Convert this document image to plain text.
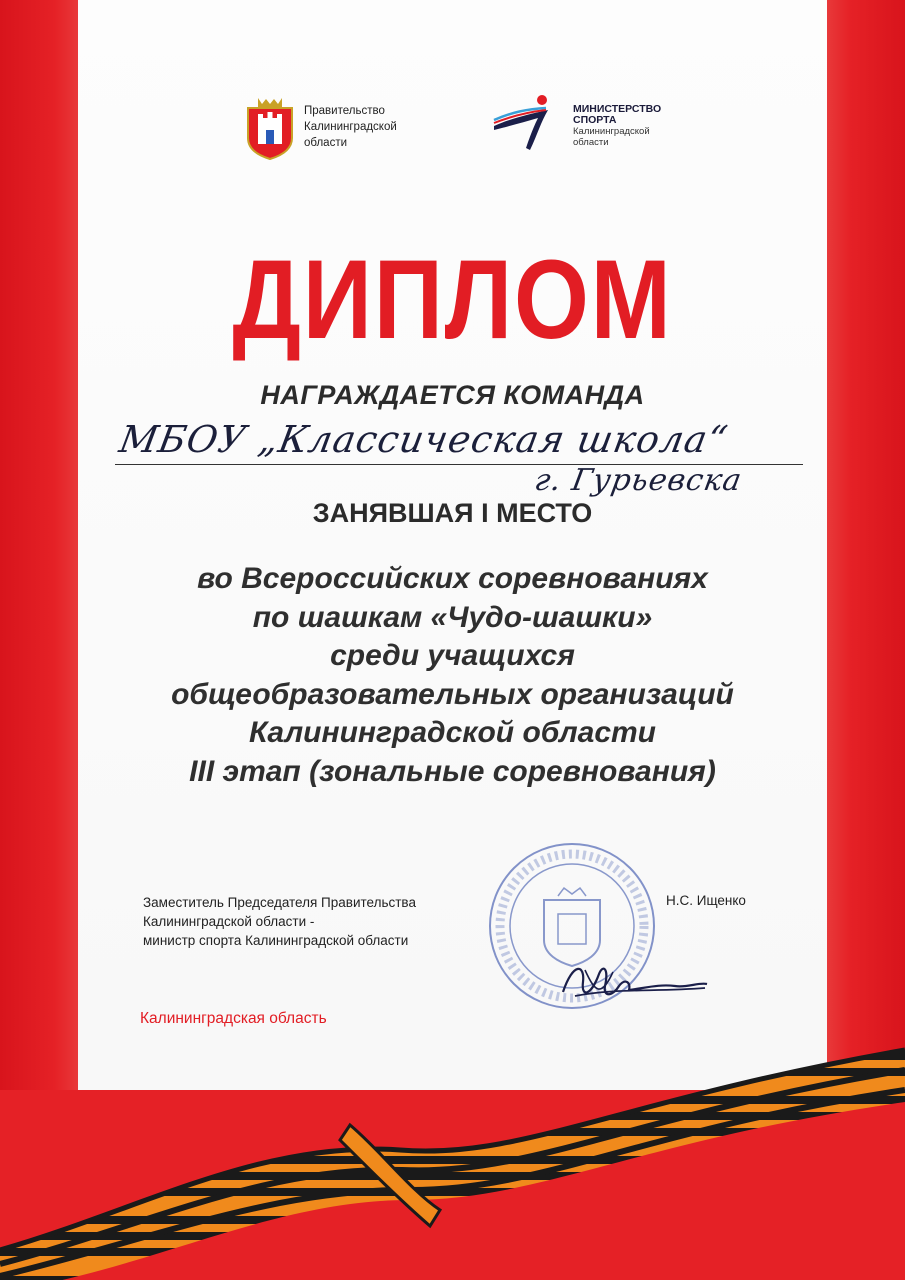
Правительство
Калининградской
области
МИНИСТЕРСТВО
СПОРТА
Калининградской
области
ДИПЛОМ
НАГРАЖДАЕТСЯ КОМАНДА
МБОУ „Классическая школа“
г. Гурьевска
ЗАНЯВШАЯ I МЕСТО
во Всероссийских соревнованиях
по шашкам «Чудо-шашки»
среди учащихся
общеобразовательных организаций
Калининградской области
III этап (зональные соревнования)
Заместитель Председателя Правительства
Калининградской области -
министр спорта Калининградской области
Н.С. Ищенко
Калининградская область
